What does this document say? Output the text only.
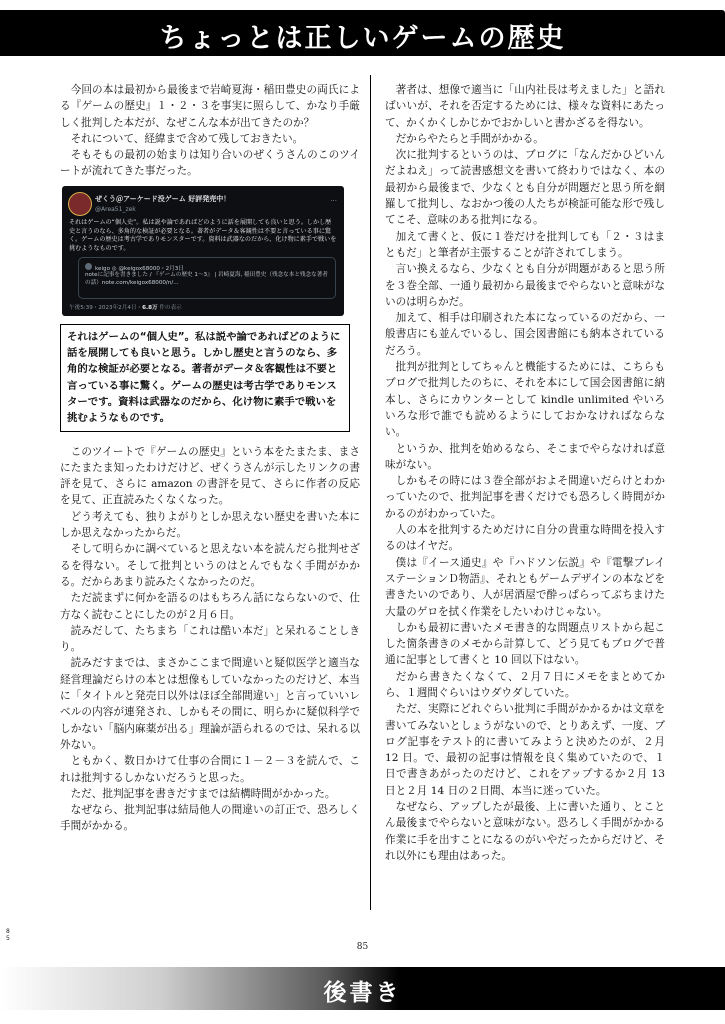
ちょっとは正しいゲームの歴史

今回の本は最初から最後まで岩崎夏海・稲田豊史の両氏による『ゲームの歴史』１・２・３を事実に照らして、かなり手厳しく批判した本だが、なぜこんな本が出てきたのか？

それについて、経緯まで含めて残しておきたい。

そもそもの最初の始まりは知り合いのぜくうさんのこのツイートが流れてきた事だった。

ぜくう＠アーケード没ゲーム 好評発売中！
@Area51_zek
···
それはゲームの“個人史”。私は説や論であればどのように話を展開しても良いと思う。しかし歴史と言うのなら、多角的な検証が必要となる。著者がデータ＆客観性は不要と言っている事に驚く。ゲームの歴史は考古学でありモンスターです。資料は武器なのだから、化け物に素手で戦いを挑むようなものです。
keigo ◎ @keigox68000・2月3日
noteに記事を書きました / 『ゲームの歴史 1〜3』 | 岩崎夏海, 稲田豊史（残念な本と残念な著者の話）note.com/keigox68000/n/...
午後5:39・2023年2月4日・6.8万 件の表示
それはゲームの“個人史”。私は説や論であればどのように話を展開しても良いと思う。しかし歴史と言うのなら、多角的な検証が必要となる。著者がデータ＆客観性は不要と言っている事に驚く。ゲームの歴史は考古学でありモンスターです。資料は武器なのだから、化け物に素手で戦いを挑むようなものです。

このツイートで『ゲームの歴史』という本をたまたま、まさにたまたま知ったわけだけど、ぜくうさんが示したリンクの書評を見て、さらに amazon の書評を見て、さらに作者の反応を見て、正直読みたくなくなった。

どう考えても、独りよがりとしか思えない歴史を書いた本にしか思えなかったからだ。

そして明らかに調べていると思えない本を読んだら批判せざるを得ない。そして批判というのはとんでもなく手間がかかる。だからあまり読みたくなかったのだ。

ただ読まずに何かを語るのはもちろん話にならないので、仕方なく読むことにしたのが２月６日。

読みだして、たちまち「これは酷い本だ」と呆れることしきり。

読みだすまでは、まさかここまで間違いと疑似医学と適当な経営理論だらけの本とは想像もしていなかったのだけど、本当に「タイトルと発売日以外はほぼ全部間違い」と言っていいレベルの内容が連発され、しかもその間に、明らかに疑似科学でしかない「脳内麻薬が出る」理論が語られるのでは、呆れる以外ない。

ともかく、数日かけて仕事の合間に１－２－３を読んで、これは批判するしかないだろうと思った。

ただ、批判記事を書きだすまでは結構時間がかかった。

なぜなら、批判記事は結局他人の間違いの訂正で、恐ろしく手間がかかる。

著者は、想像で適当に「山内社長は考えました」と語ればいいが、それを否定するためには、様々な資料にあたって、かくかくしかじかでおかしいと書かざるを得ない。

だからやたらと手間がかかる。

次に批判するというのは、ブログに「なんだかひどいんだよねえ」って読書感想文を書いて終わりではなく、本の最初から最後まで、少なくとも自分が問題だと思う所を網羅して批判し、なおかつ後の人たちが検証可能な形で残してこそ、意味のある批判になる。

加えて書くと、仮に１巻だけを批判しても「２・３はまともだ」と筆者が主張することが許されてしまう。

言い換えるなら、少なくとも自分が問題があると思う所を３巻全部、一通り最初から最後までやらないと意味がないのは明らかだ。

加えて、相手は印刷された本になっているのだから、一般書店にも並んでいるし、国会図書館にも納本されているだろう。

批判が批判としてちゃんと機能するためには、こちらもブログで批判したのちに、それを本にして国会図書館に納本し、さらにカウンターとして kindle unlimited やいろいろな形で誰でも読めるようにしておかなければならない。

というか、批判を始めるなら、そこまでやらなければ意味がない。

しかもその時には３巻全部がおよそ間違いだらけとわかっていたので、批判記事を書くだけでも恐ろしく時間がかかるのがわかっていた。

人の本を批判するためだけに自分の貴重な時間を投入するのはイヤだ。

僕は『イース通史』や『ハドソン伝説』や『電撃プレイステーションＤ物語』、それともゲームデザインの本などを書きたいのであり、人が居酒屋で酔っぱらってぶちまけた大量のゲロを拭く作業をしたいわけじゃない。

しかも最初に書いたメモ書き的な問題点リストから起こした箇条書きのメモから計算して、どう見てもブログで普通に記事として書くと 10 回以下はない。

だから書きたくなくて、２月７日にメモをまとめてから、１週間ぐらいはウダウダしていた。

ただ、実際にどれぐらい批判に手間がかかるかは文章を書いてみないとしょうがないので、とりあえず、一度、ブログ記事をテスト的に書いてみようと決めたのが、２月 12 日。で、最初の記事は情報を良く集めていたので、１日で書きあがったのだけど、これをアップするか２月 13 日と２月 14 日の２日間、本当に迷っていた。

なぜなら、アップしたが最後、上に書いた通り、とことん最後までやらないと意味がない。恐ろしく手間がかかる作業に手を出すことになるのがいやだったからだけど、それ以外にも理由はあった。

8
5
85
後書き
